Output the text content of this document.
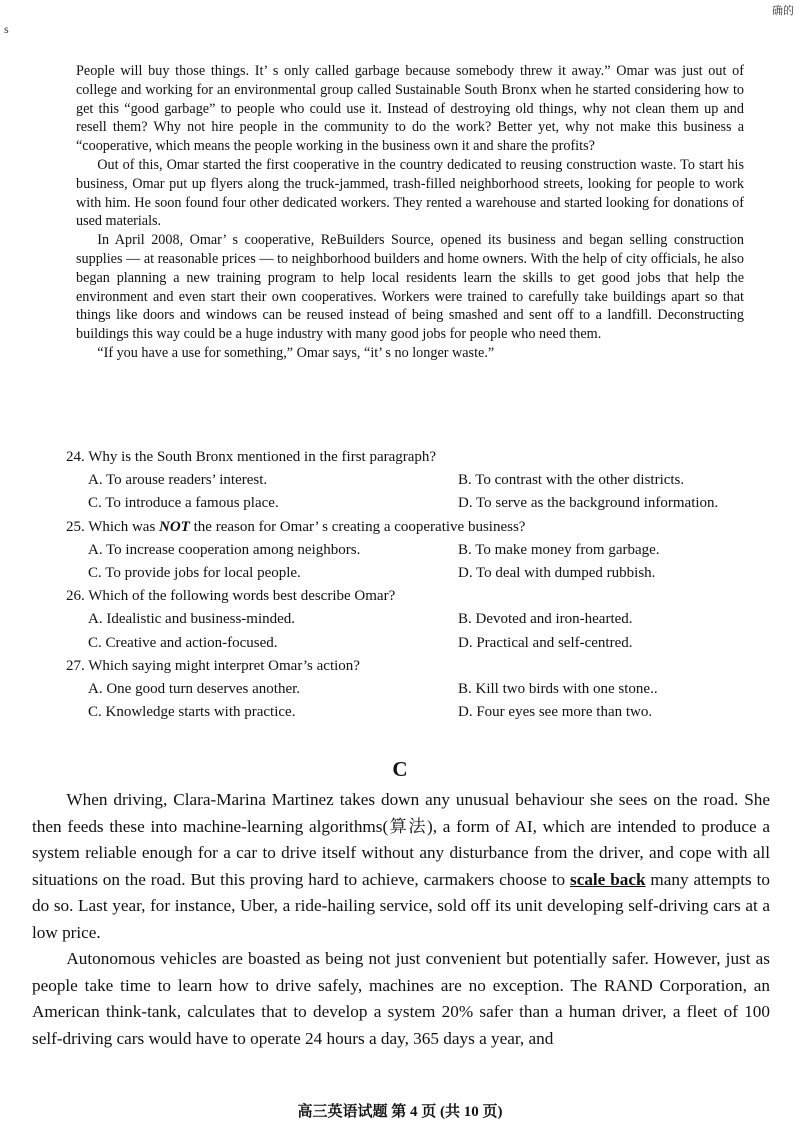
确的
s

People will buy those things. It’ s only called garbage because somebody threw it away.” Omar was just out of college and working for an environmental group called Sustainable South Bronx when he started considering how to get this “good garbage” to people who could use it. Instead of destroying old things, why not clean them up and resell them? Why not hire people in the community to do the work? Better yet, why not make this business a “cooperative, which means the people working in the business own it and share the profits?

Out of this, Omar started the first cooperative in the country dedicated to reusing construction waste. To start his business, Omar put up flyers along the truck-jammed, trash-filled neighborhood streets, looking for people to work with him. He soon found four other dedicated workers. They rented a warehouse and started looking for donations of used materials.

In April 2008, Omar’ s cooperative, ReBuilders Source, opened its business and began selling construction supplies — at reasonable prices — to neighborhood builders and home owners. With the help of city officials, he also began planning a new training program to help local residents learn the skills to get good jobs that help the environment and even start their own cooperatives. Workers were trained to carefully take buildings apart so that things like doors and windows can be reused instead of being smashed and sent off to a landfill. Deconstructing buildings this way could be a huge industry with many good jobs for people who need them.

“If you have a use for something,” Omar says, “it’ s no longer waste.”

24. Why is the South Bronx mentioned in the first paragraph?

A. To arouse readers’ interest.	B. To contrast with the other districts.
C. To introduce a famous place.	D. To serve as the background information.

25. Which was NOT the reason for Omar’ s creating a cooperative business?

A. To increase cooperation among neighbors.	B. To make money from garbage.
C. To provide jobs for local people.	D. To deal with dumped rubbish.

26. Which of the following words best describe Omar?

A. Idealistic and business-minded.	B. Devoted and iron-hearted.
C. Creative and action-focused.	D. Practical and self-centred.

27. Which saying might interpret Omar’s action?

A. One good turn deserves another.	B. Kill two birds with one stone..
C. Knowledge starts with practice.	D. Four eyes see more than two.
C

When driving, Clara-Marina Martinez takes down any unusual behaviour she sees on the road. She then feeds these into machine-learning algorithms(算法), a form of AI, which are intended to produce a system reliable enough for a car to drive itself without any disturbance from the driver, and cope with all situations on the road. But this proving hard to achieve, carmakers choose to scale back many attempts to do so. Last year, for instance, Uber, a ride-hailing service, sold off its unit developing self-driving cars at a low price.

Autonomous vehicles are boasted as being not just convenient but potentially safer. However, just as people take time to learn how to drive safely, machines are no exception. The RAND Corporation, an American think-tank, calculates that to develop a system 20% safer than a human driver, a fleet of 100 self-driving cars would have to operate 24 hours a day, 365 days a year, and

高三英语试题 第 4 页 (共 10 页)
